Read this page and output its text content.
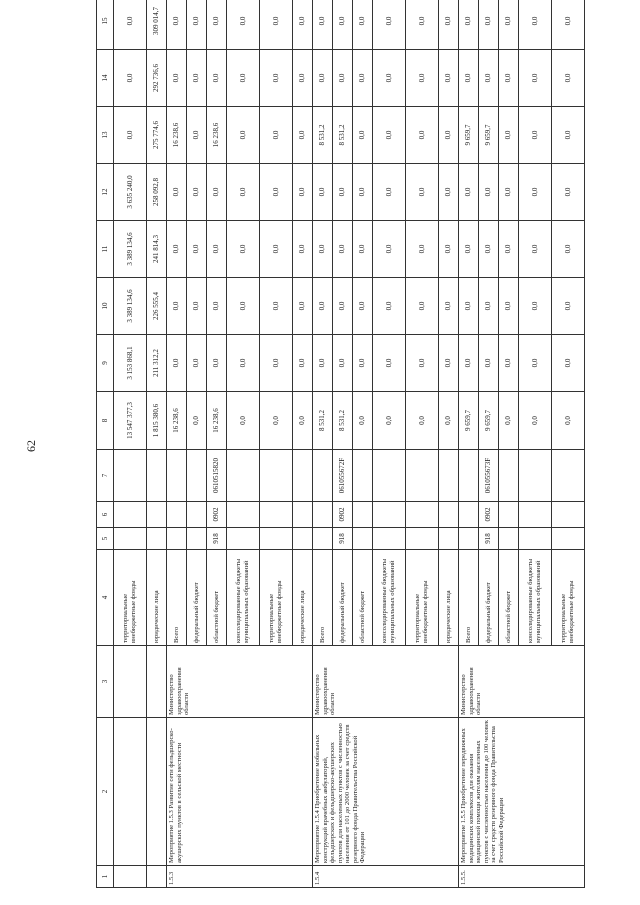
62
1	2	3	4	5	6	7	8	9	10	11	12	13	14	15
			территориальные внебюджетные фонды				13 547 377,3	3 153 868,1	3 389 134,6	3 389 134,6	3 635 240,0	0,0	0,0	0,0
			юридические лица				1 815 380,6	211 312,2	226 555,4	241 814,3	258 092,8	275 774,6	292 736,6	309 014,7
1.5.3	Мероприятие 1.5.3 Развитие сети фельдшерско-акушерских пунктов в сельской местности	Министерство здравоохранения области	Всего				16 238,6	0,0	0,0	0,0	0,0	16 238,6	0,0	0,0
			федеральный бюджет				0,0	0,0	0,0	0,0	0,0	0,0	0,0	0,0
			областной бюджет	918	0902	0610515820	16 238,6	0,0	0,0	0,0	0,0	16 238,6	0,0	0,0
			консолидированные бюджеты муниципальных образований				0,0	0,0	0,0	0,0	0,0	0,0	0,0	0,0
			территориальные внебюджетные фонды				0,0	0,0	0,0	0,0	0,0	0,0	0,0	0,0
			юридические лица				0,0	0,0	0,0	0,0	0,0	0,0	0,0	0,0
1.5.4	Мероприятие 1.5.4 Приобретение мобильных конструкций врачебных амбулаторий, фельдшерских и фельдшерско-акушерских пунктов для населенных пунктов с численностью населения от 101 до 2000 человек за счет средств резервного фонда Правительства Российской Федерации	Министерство здравоохранения области	Всего				8 531,2	0,0	0,0	0,0	0,0	8 531,2	0,0	0,0
			федеральный бюджет	918	0902	061055672F	8 531,2	0,0	0,0	0,0	0,0	8 531,2	0,0	0,0
			областной бюджет				0,0	0,0	0,0	0,0	0,0	0,0	0,0	0,0
			консолидированные бюджеты муниципальных образований				0,0	0,0	0,0	0,0	0,0	0,0	0,0	0,0
			территориальные внебюджетные фонды				0,0	0,0	0,0	0,0	0,0	0,0	0,0	0,0
			юридические лица				0,0	0,0	0,0	0,0	0,0	0,0	0,0	0,0
1.5.5.	Мероприятие 1.5.5 Приобретение передвижных медицинских комплексов для оказания медицинской помощи жителям населенных пунктов с численностью населения до 100 человек за счет средств резервного фонда Правительства Российской Федерации	Министерство здравоохранения области	Всего				9 659,7	0,0	0,0	0,0	0,0	9 659,7	0,0	0,0
			федеральный бюджет	918	0902	061055673F	9 659,7	0,0	0,0	0,0	0,0	9 659,7	0,0	0,0
			областной бюджет				0,0	0,0	0,0	0,0	0,0	0,0	0,0	0,0
			консолидированные бюджеты муниципальных образований				0,0	0,0	0,0	0,0	0,0	0,0	0,0	0,0
			территориальные внебюджетные фонды				0,0	0,0	0,0	0,0	0,0	0,0	0,0	0,0
